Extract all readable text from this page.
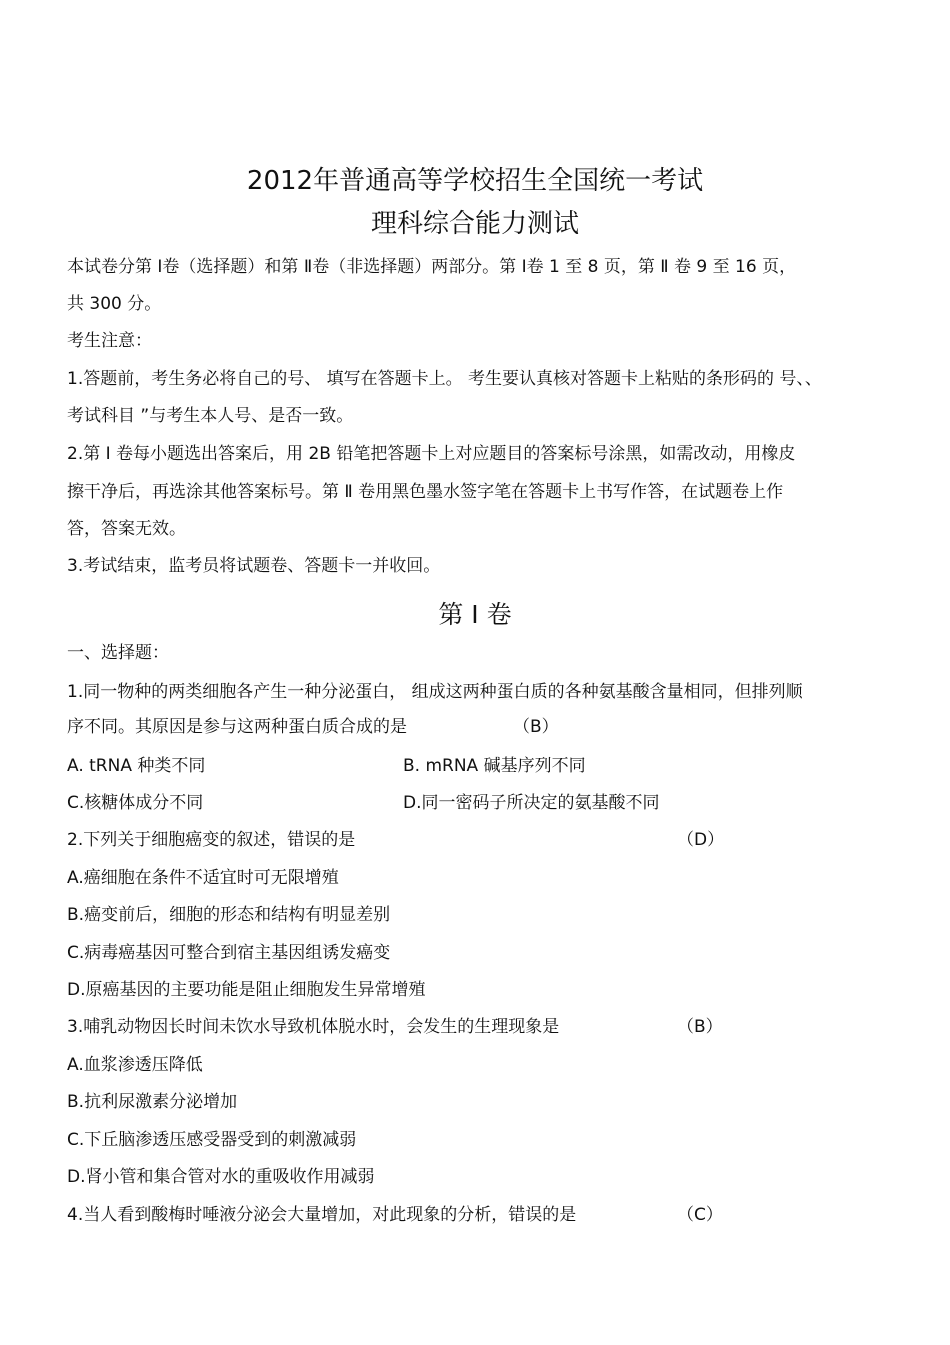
2012年普通高等学校招生全国统一考试
理科综合能力测试
本试卷分第 Ⅰ卷（选择题）和第 Ⅱ卷（非选择题）两部分。第 Ⅰ卷 1 至 8 页，第 Ⅱ 卷 9 至 16 页，
共 300 分。
考生注意：
1.答题前，考生务必将自己的号、 填写在答题卡上。 考生要认真核对答题卡上粘贴的条形码的 号、、
考试科目 ”与考生本人号、是否一致。
2.第 Ⅰ 卷每小题选出答案后，用 2B 铅笔把答题卡上对应题目的答案标号涂黑，如需改动，用橡皮
擦干净后，再选涂其他答案标号。第 Ⅱ 卷用黑色墨水签字笔在答题卡上书写作答，在试题卷上作
答，答案无效。
3.考试结束，监考员将试题卷、答题卡一并收回。
第 Ⅰ 卷
一、选择题：
1.同一物种的两类细胞各产生一种分泌蛋白， 组成这两种蛋白质的各种氨基酸含量相同，但排列顺
序不同。其原因是参与这两种蛋白质合成的是	（B）
A. tRNA 种类不同	B. mRNA 碱基序列不同
C.核糖体成分不同	D.同一密码子所决定的氨基酸不同
2.下列关于细胞癌变的叙述，错误的是	（D）
A.癌细胞在条件不适宜时可无限增殖
B.癌变前后，细胞的形态和结构有明显差别
C.病毒癌基因可整合到宿主基因组诱发癌变
D.原癌基因的主要功能是阻止细胞发生异常增殖
3.哺乳动物因长时间未饮水导致机体脱水时，会发生的生理现象是	（B）
A.血浆渗透压降低
B.抗利尿激素分泌增加
C.下丘脑渗透压感受器受到的刺激减弱
D.肾小管和集合管对水的重吸收作用减弱
4.当人看到酸梅时唾液分泌会大量增加，对此现象的分析，错误的是	（C）
